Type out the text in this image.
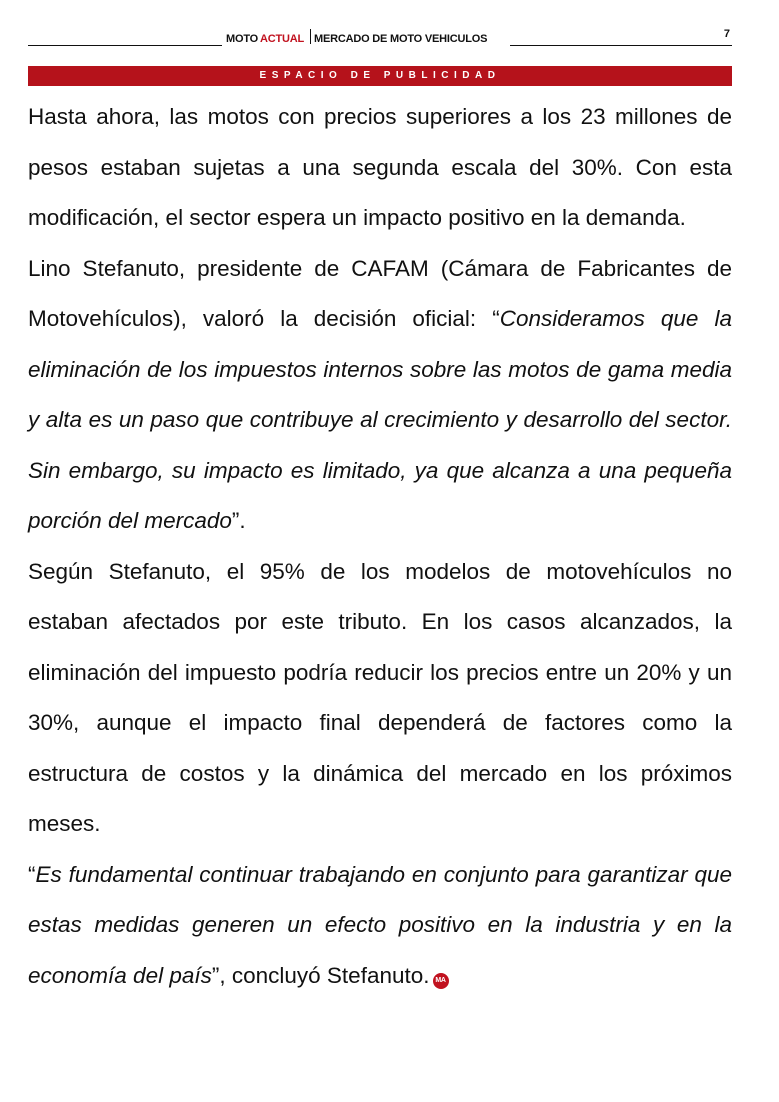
MOTO ACTUAL MERCADO DE MOTO VEHICULOS	7
ESPACIO DE PUBLICIDAD

Hasta ahora, las motos con precios superiores a los 23 millones de pesos estaban sujetas a una segunda escala del 30%. Con esta modificación, el sector espera un impacto positivo en la demanda.

Lino Stefanuto, presidente de CAFAM (Cámara de Fabricantes de Motovehículos), valoró la decisión oficial: “Consideramos que la eliminación de los impuestos internos sobre las motos de gama media y alta es un paso que contribuye al crecimiento y desarrollo del sector. Sin embargo, su impacto es limitado, ya que alcanza a una pequeña porción del mercado”.

Según Stefanuto, el 95% de los modelos de motovehículos no estaban afectados por este tributo. En los casos alcanzados, la eliminación del impuesto podría reducir los precios entre un 20% y un 30%, aunque el impacto final dependerá de factores como la estructura de costos y la dinámica del mercado en los próximos meses.

“Es fundamental continuar trabajando en conjunto para garantizar que estas medidas generen un efecto positivo en la industria y en la economía del país”, concluyó Stefanuto. MA
